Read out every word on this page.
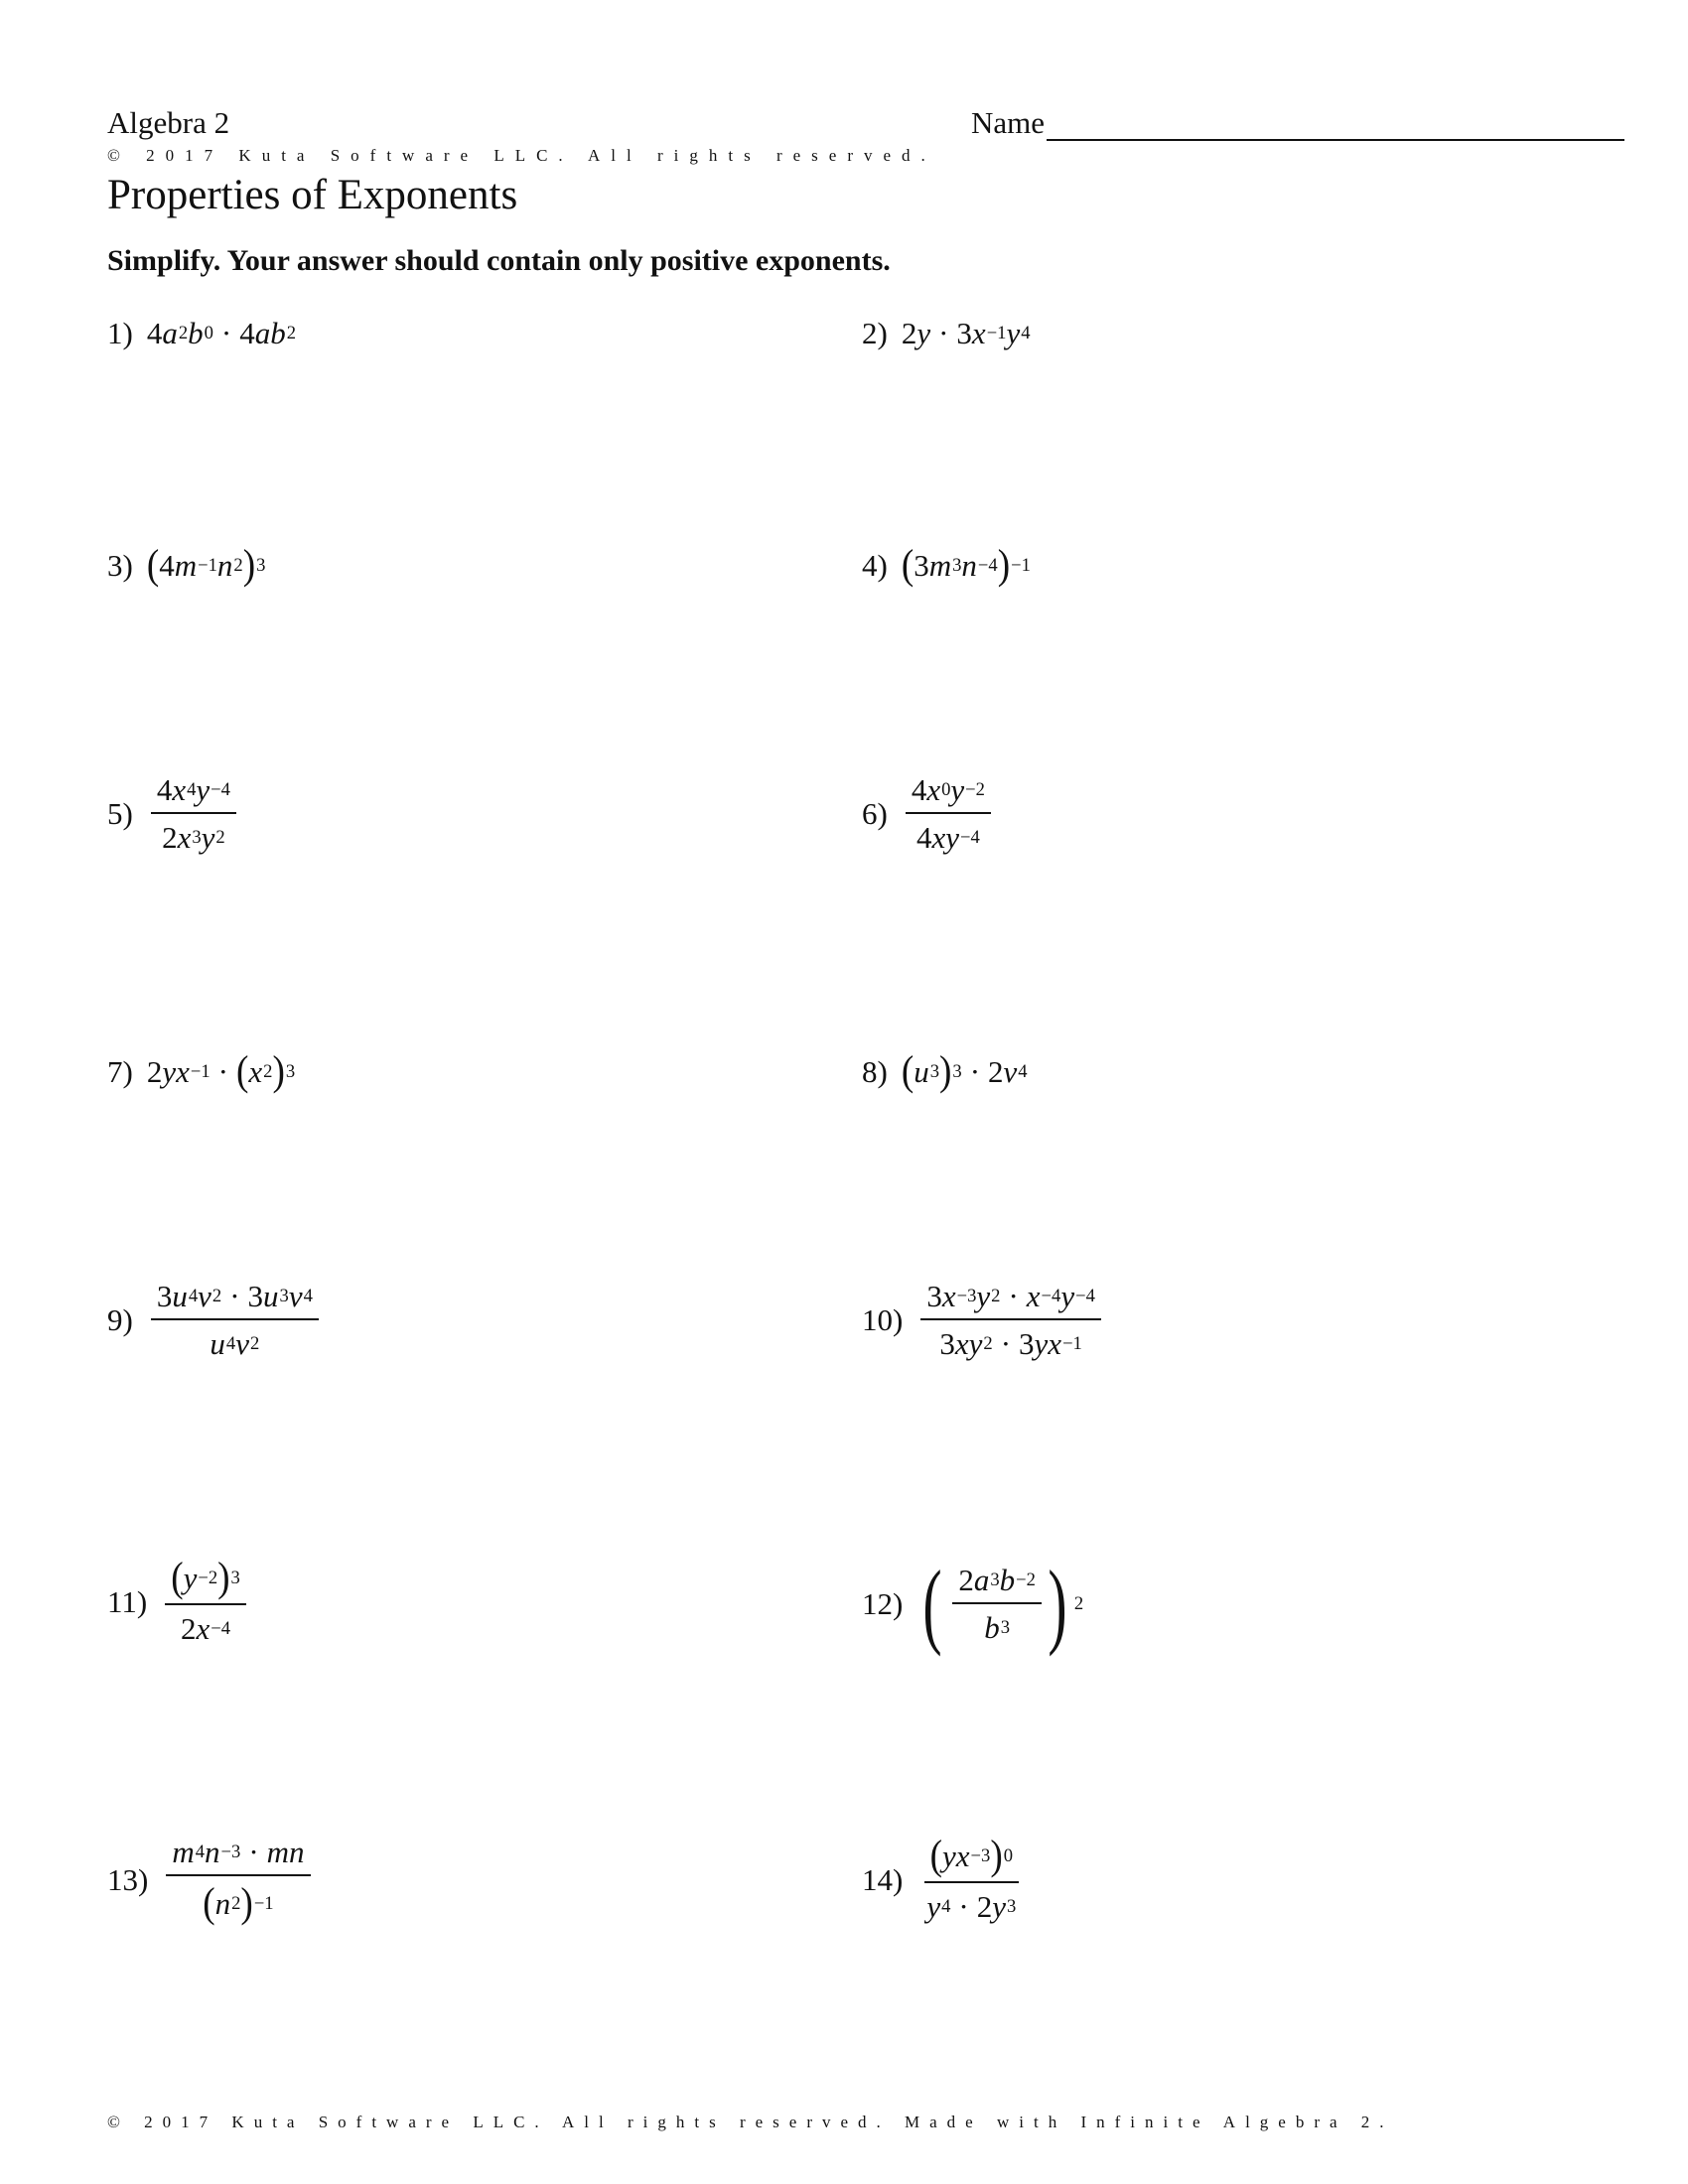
Algebra 2	Name
© 2017 Kuta Software LLC. All rights reserved.
Properties of Exponents
Simplify. Your answer should contain only positive exponents.
1) 4 a 2 b 0 · 4 ab 2	2) 2 y · 3 x −1 y 4
3) ( 4 m −1 n 2 ) 3	4) ( 3 m 3 n −4 ) −1
$5) \frac{4 x 4 y -4}{2 x 3 y 2}$	$6) \frac{4 x 0 y -2}{4 xy -4}$
7) 2 yx −1 · ( x 2 ) 3	8) ( u 3 ) 3 · 2 v 4
$9) \frac{3 u 4 v 2 \cdot 3 u 3 v 4}{u 4 v 2}$	$10) \frac{3 x -3 y 2 \cdot x -4 y -4}{3 xy 2 \cdot 3 yx -1}$
$11) \frac{( y -2 ) 3}{2 x -4}$	12) ( $\frac{2 a 3 b -2}{b 3}$ ) 2
$13) \frac{m 4 n -3 \cdot mn}{( n 2 ) -1}$	$14) \frac{( yx -3 ) 0}{y 4 \cdot 2 y 3}$
© 2017 Kuta Software LLC. All rights reserved. Made with Infinite Algebra 2.
